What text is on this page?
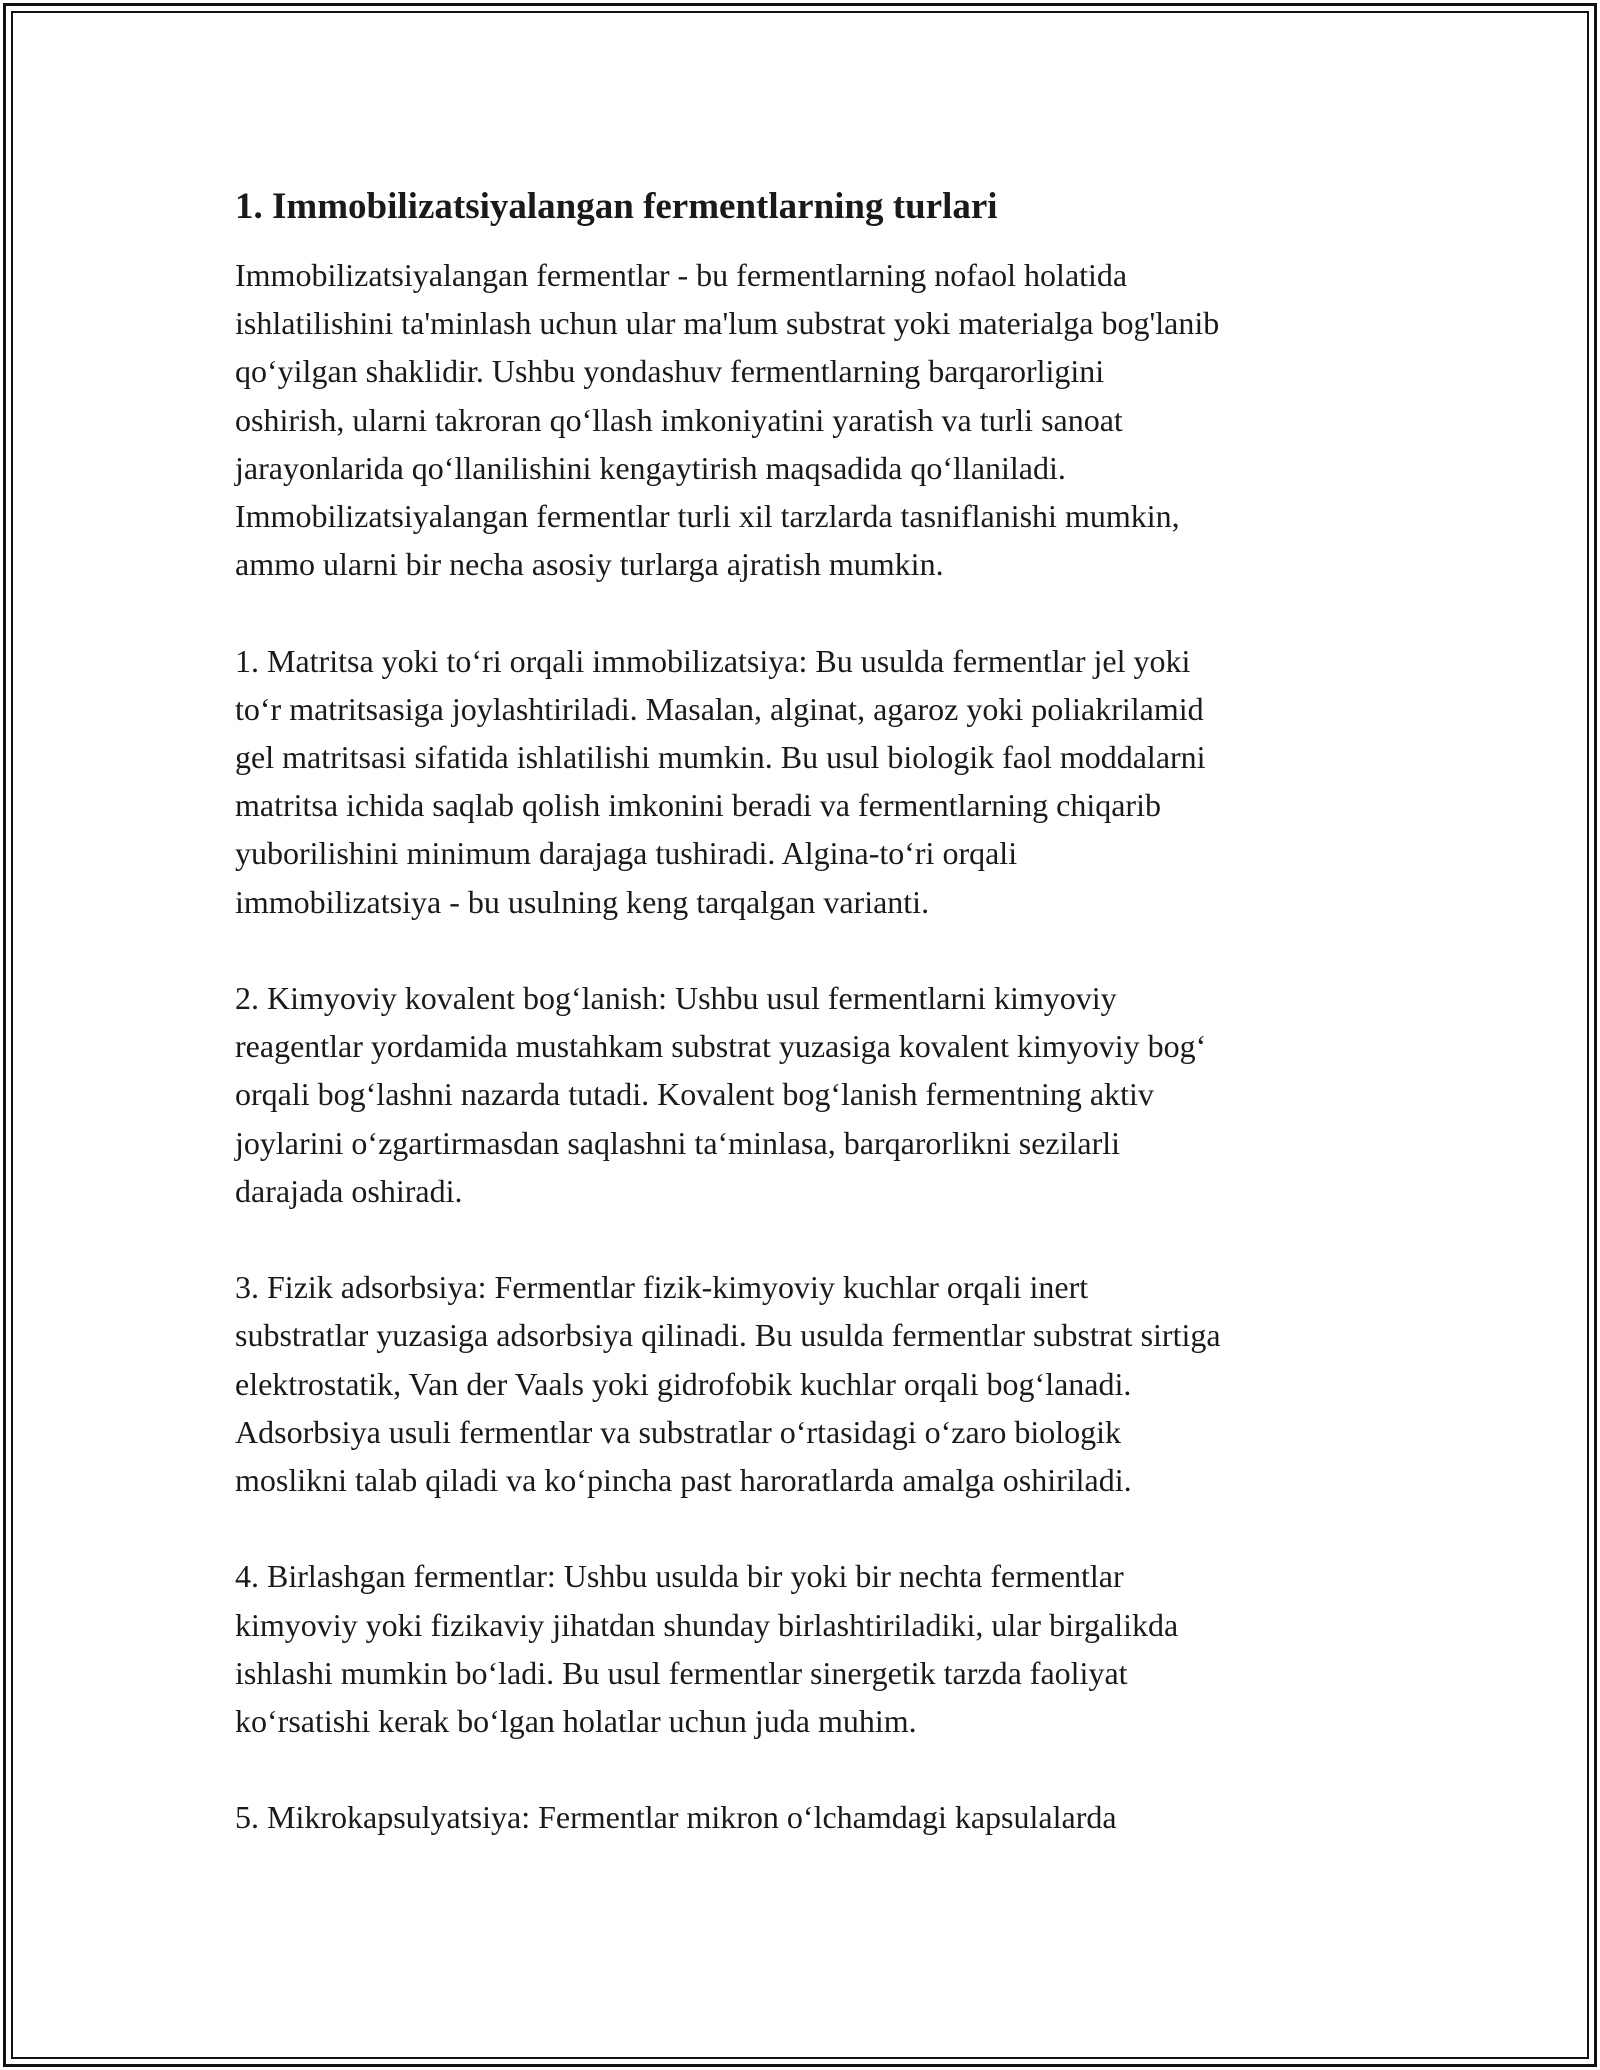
1. Immobilizatsiyalangan fermentlarning turlari

Immobilizatsiyalangan fermentlar - bu fermentlarning nofaol holatida
ishlatilishini ta'minlash uchun ular ma'lum substrat yoki materialga bog'lanib
qo‘yilgan shaklidir. Ushbu yondashuv fermentlarning barqarorligini
oshirish, ularni takroran qo‘llash imkoniyatini yaratish va turli sanoat
jarayonlarida qo‘llanilishini kengaytirish maqsadida qo‘llaniladi.
Immobilizatsiyalangan fermentlar turli xil tarzlarda tasniflanishi mumkin,
ammo ularni bir necha asosiy turlarga ajratish mumkin.

1. Matritsa yoki to‘ri orqali immobilizatsiya: Bu usulda fermentlar jel yoki
to‘r matritsasiga joylashtiriladi. Masalan, alginat, agaroz yoki poliakrilamid
gel matritsasi sifatida ishlatilishi mumkin. Bu usul biologik faol moddalarni
matritsa ichida saqlab qolish imkonini beradi va fermentlarning chiqarib
yuborilishini minimum darajaga tushiradi. Algina-to‘ri orqali
immobilizatsiya - bu usulning keng tarqalgan varianti.

2. Kimyoviy kovalent bog‘lanish: Ushbu usul fermentlarni kimyoviy
reagentlar yordamida mustahkam substrat yuzasiga kovalent kimyoviy bog‘
orqali bog‘lashni nazarda tutadi. Kovalent bog‘lanish fermentning aktiv
joylarini o‘zgartirmasdan saqlashni ta‘minlasa, barqarorlikni sezilarli
darajada oshiradi.

3. Fizik adsorbsiya: Fermentlar fizik-kimyoviy kuchlar orqali inert
substratlar yuzasiga adsorbsiya qilinadi. Bu usulda fermentlar substrat sirtiga
elektrostatik, Van der Vaals yoki gidrofobik kuchlar orqali bog‘lanadi.
Adsorbsiya usuli fermentlar va substratlar o‘rtasidagi o‘zaro biologik
moslikni talab qiladi va ko‘pincha past haroratlarda amalga oshiriladi.

4. Birlashgan fermentlar: Ushbu usulda bir yoki bir nechta fermentlar
kimyoviy yoki fizikaviy jihatdan shunday birlashtiriladiki, ular birgalikda
ishlashi mumkin bo‘ladi. Bu usul fermentlar sinergetik tarzda faoliyat
ko‘rsatishi kerak bo‘lgan holatlar uchun juda muhim.

5. Mikrokapsulyatsiya: Fermentlar mikron o‘lchamdagi kapsulalarda
